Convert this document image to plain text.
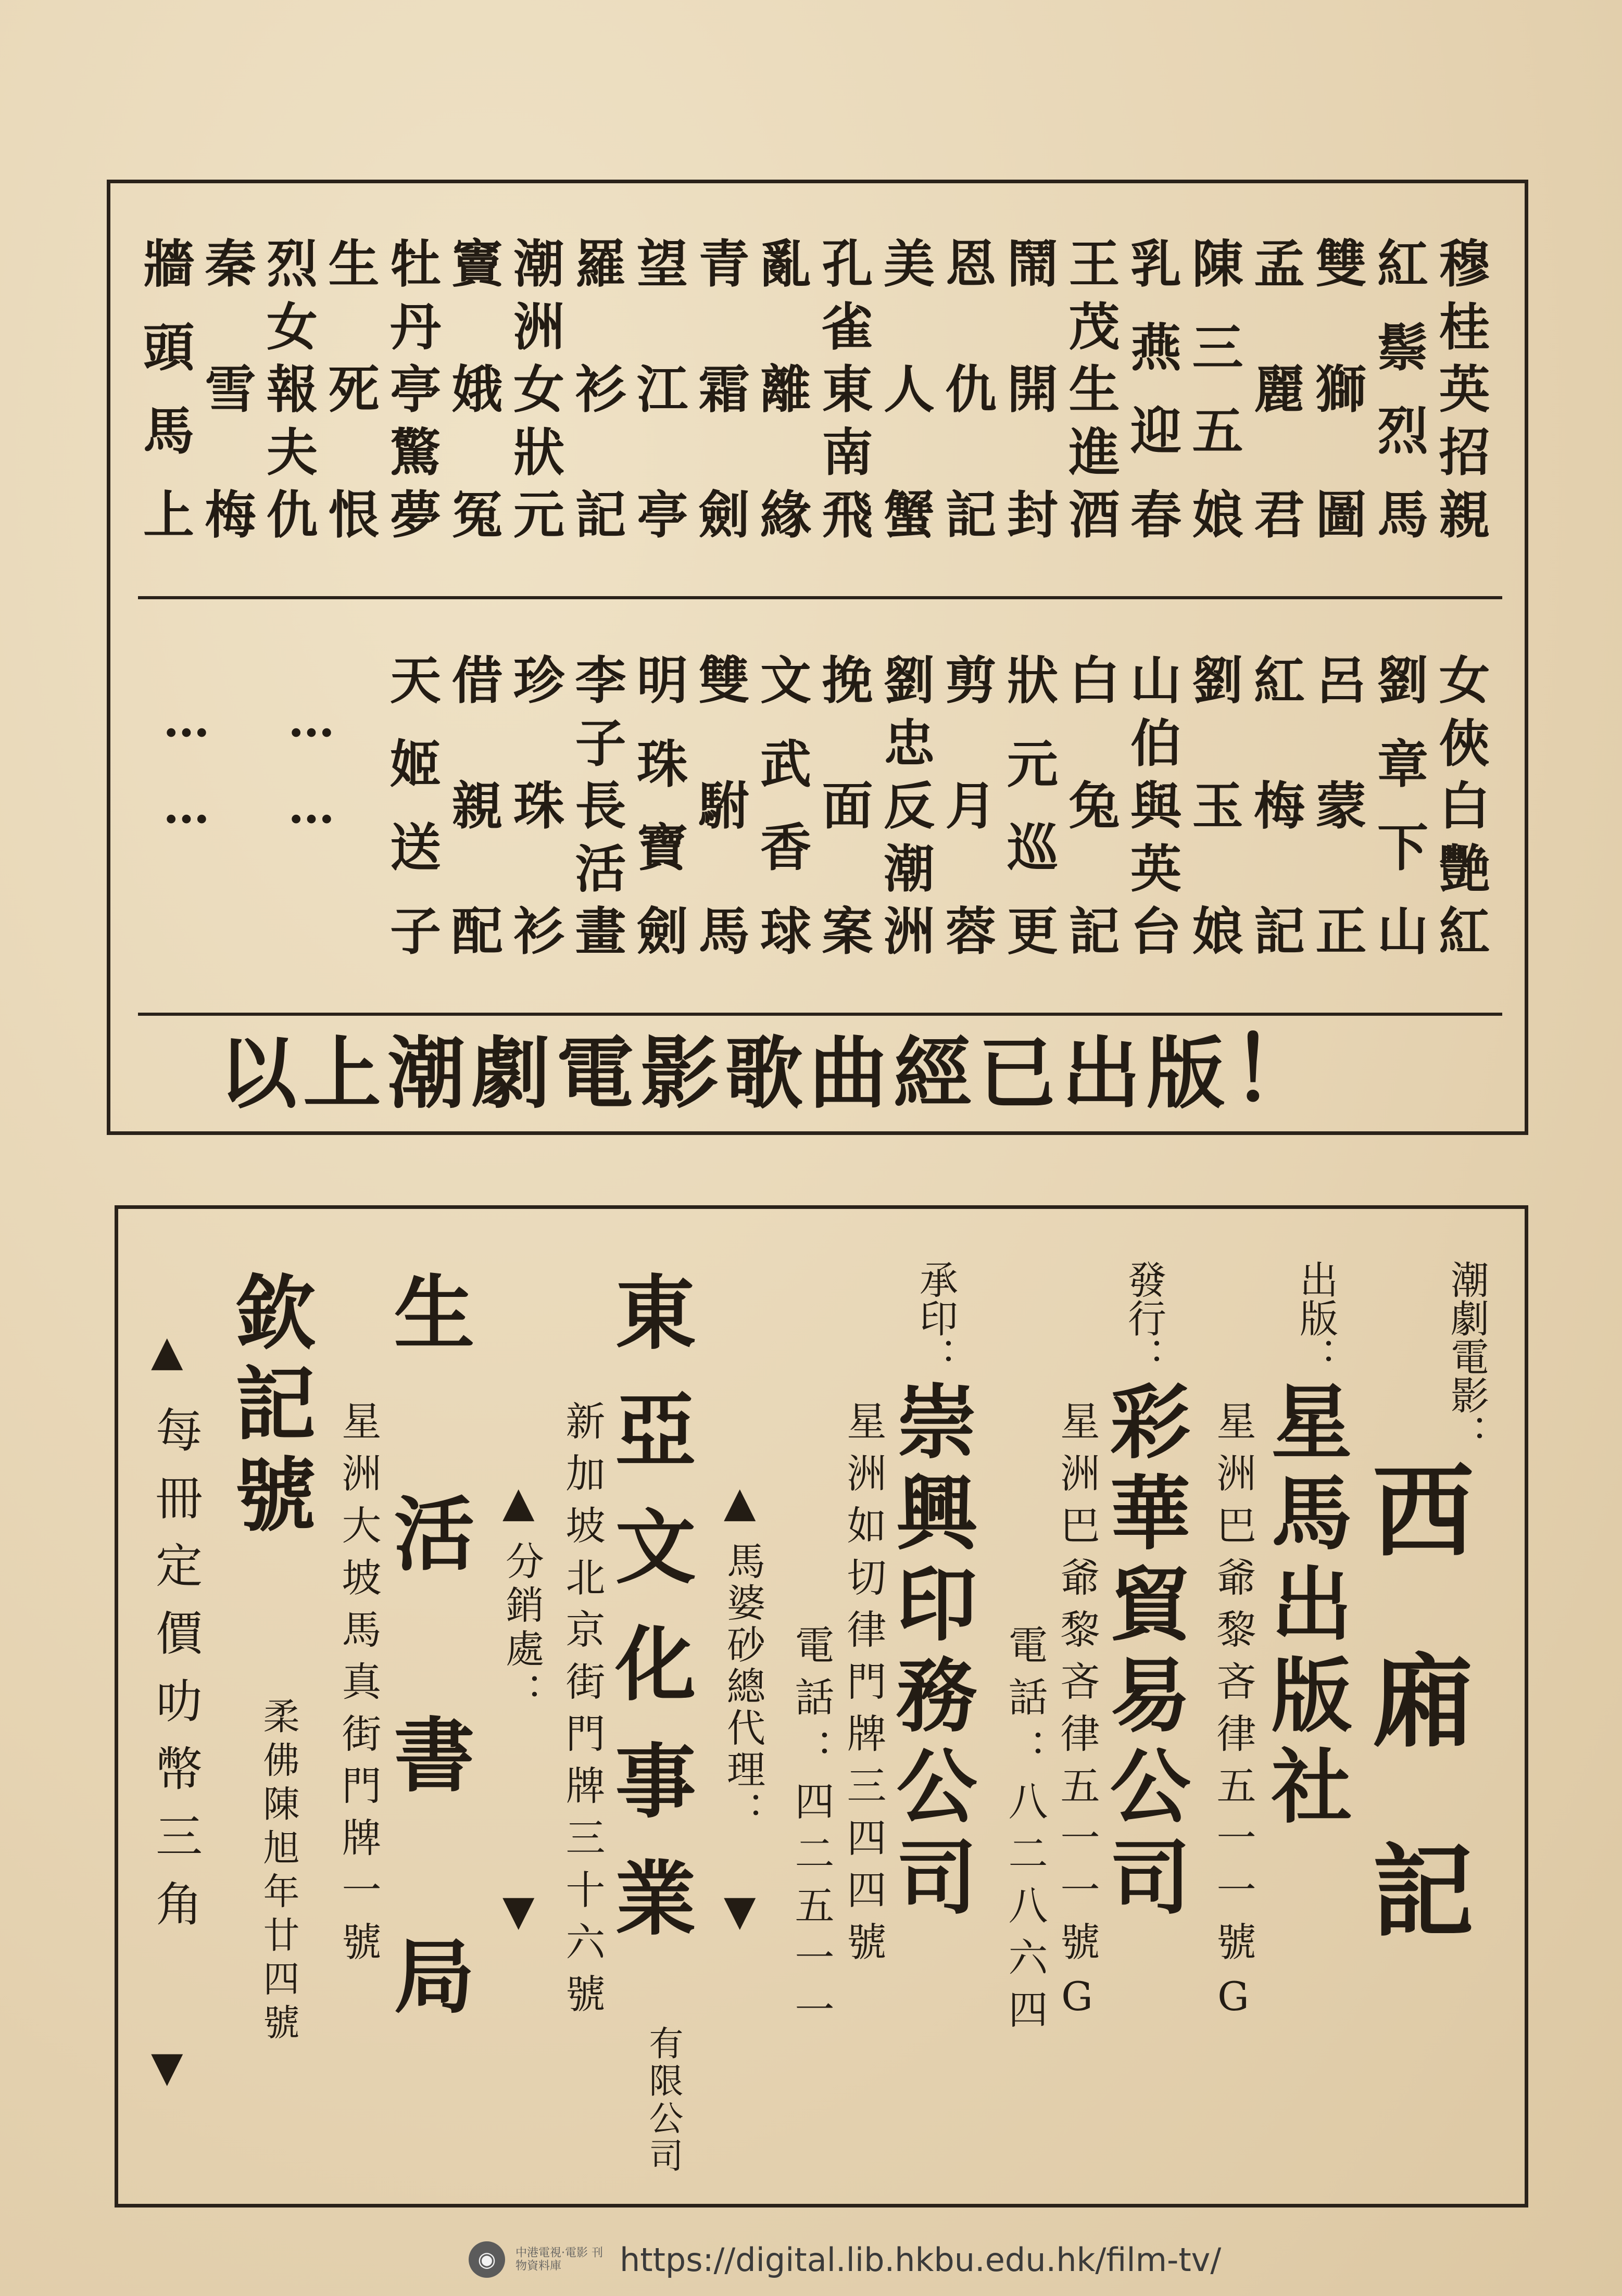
穆
桂
英
招
親
紅
鬃
烈
馬
雙
獅
圖
孟
麗
君
陳
三
五
娘
乳
燕
迎
春
王
茂
生
進
酒
鬧
開
封
恩
仇
記
美
人
蟹
孔
雀
東
南
飛
亂
離
緣
青
霜
劍
望
江
亭
羅
衫
記
潮
洲
女
狀
元
竇
娥
冤
牡
丹
亭
驚
夢
生
死
恨
烈
女
報
夫
仇
秦
雪
梅
牆
頭
馬
上
女
俠
白
艷
紅
劉
章
下
山
呂
蒙
正
紅
梅
記
劉
玉
娘
山
伯
與
英
台
白
兔
記
狀
元
巡
更
剪
月
蓉
劉
忠
反
潮
洲
挽
面
案
文
武
香
球
雙
駙
馬
明
珠
寶
劍
李
子
長
活
畫
珍
珠
衫
借
親
配
天
姬
送
子
…… ……
以上潮劇電影歌曲經已出版！
潮劇電影：
西廂記
出版：
星馬出版社
星洲巴爺黎吝律五一一號G
發行：
彩華貿易公司
星洲巴爺黎吝律五一一號G
電話：八二八六四
承印：
崇興印務公司
星洲如切律門牌三四四號
電話：四二五一一
▲
馬婆砂總代理：
▼
東亞文化事業
有限公司
新加坡北京街門牌三十六號
▲
分銷處：
▼
生活書局
星洲大坡馬真街門牌一號
欽記號
柔佛陳旭年廿四號
▲
每冊定價叻幣三角
▼
◉	中港電視·電影 刊物資料庫	https://digital.lib.hkbu.edu.hk/film-tv/
